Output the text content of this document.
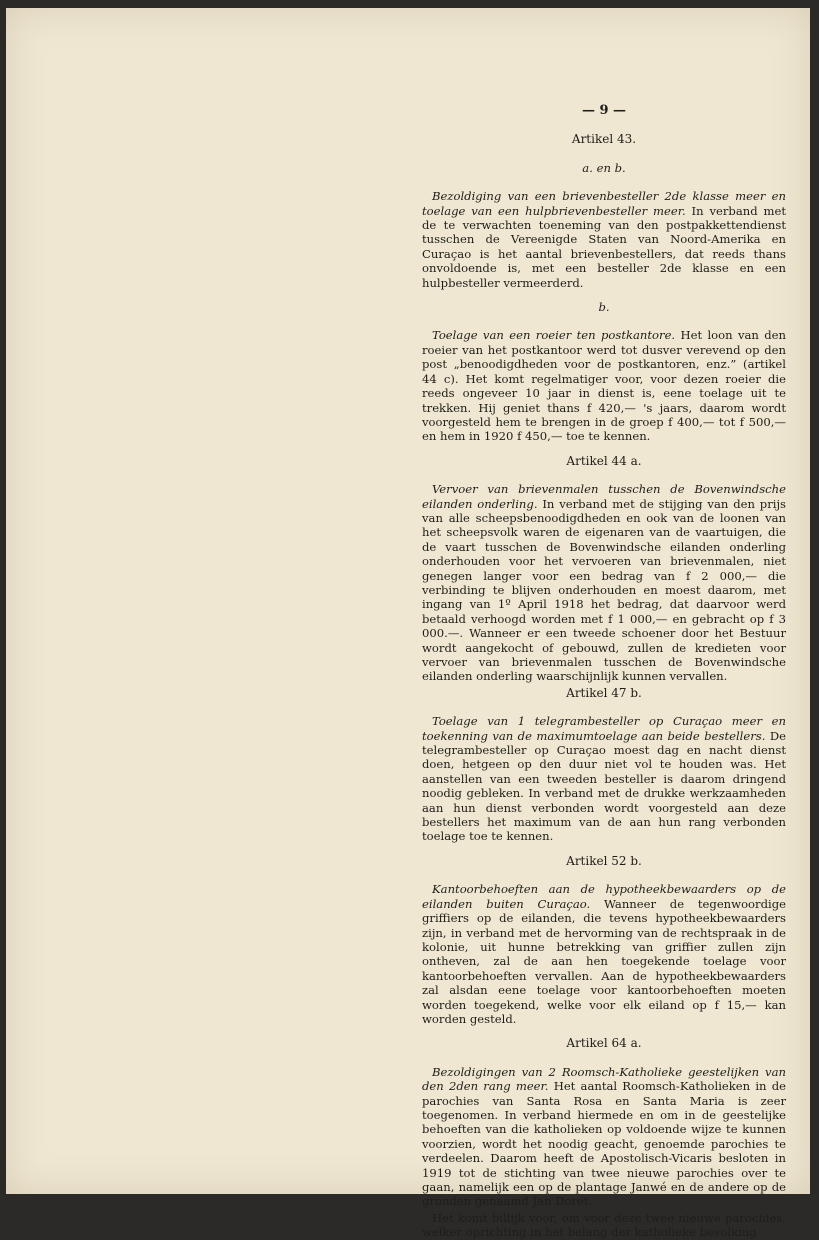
— 9 —
Artikel 43.
a. en b.

Bezoldiging van een brievenbesteller 2de klasse meer en toelage van een hulpbrievenbesteller meer. In verband met de te verwachten toeneming van den postpakkettendienst tusschen de Vereenigde Staten van Noord-Amerika en Curaçao is het aantal brievenbestellers, dat reeds thans onvoldoende is, met een besteller 2de klasse en een hulpbesteller vermeerderd.

b.

Toelage van een roeier ten postkantore. Het loon van den roeier van het postkantoor werd tot dusver verevend op den post „benoodigdheden voor de postkantoren, enz.” (artikel 44 c). Het komt regelmatiger voor, voor dezen roeier die reeds ongeveer 10 jaar in dienst is, eene toelage uit te trekken. Hij geniet thans f 420,— 's jaars, daarom wordt voorgesteld hem te brengen in de groep f 400,— tot f 500,— en hem in 1920 f 450,— toe te kennen.

Artikel 44 a.

Vervoer van brievenmalen tusschen de Bovenwindsche eilanden onderling. In verband met de stijging van den prijs van alle scheepsbenoodigdheden en ook van de loonen van het scheepsvolk waren de eigenaren van de vaartuigen, die de vaart tusschen de Bovenwindsche eilanden onderling onderhouden voor het vervoeren van brievenmalen, niet genegen langer voor een bedrag van f 2 000,— die verbinding te blijven onderhouden en moest daarom, met ingang van 1º April 1918 het bedrag, dat daarvoor werd betaald verhoogd worden met f 1 000,— en gebracht op f 3 000.—. Wanneer er een tweede schoener door het Bestuur wordt aangekocht of gebouwd, zullen de kredieten voor vervoer van brievenmalen tusschen de Bovenwindsche eilanden onderling waarschijnlijk kunnen vervallen.

Artikel 47 b.

Toelage van 1 telegrambesteller op Curaçao meer en toekenning van de maximumtoelage aan beide bestellers. De telegrambesteller op Curaçao moest dag en nacht dienst doen, hetgeen op den duur niet vol te houden was. Het aanstellen van een tweeden besteller is daarom dringend noodig gebleken. In verband met de drukke werkzaamheden aan hun dienst verbonden wordt voorgesteld aan deze bestellers het maximum van de aan hun rang verbonden toelage toe te kennen.

Artikel 52 b.

Kantoorbehoeften aan de hypotheekbewaarders op de eilanden buiten Curaçao. Wanneer de tegenwoordige griffiers op de eilanden, die tevens hypotheekbewaarders zijn, in verband met de hervorming van de rechtspraak in de kolonie, uit hunne betrekking van griffier zullen zijn ontheven, zal de aan hen toegekende toelage voor kantoorbehoeften vervallen. Aan de hypotheekbewaarders zal alsdan eene toelage voor kantoorbehoeften moeten worden toegekend, welke voor elk eiland op f 15,— kan worden gesteld.

Artikel 64 a.

Bezoldigingen van 2 Roomsch-Katholieke geestelijken van den 2den rang meer. Het aantal Roomsch-Katholieken in de parochies van Santa Rosa en Santa Maria is zeer toegenomen. In verband hiermede en om in de geestelijke behoeften van die katholieken op voldoende wijze te kunnen voorzien, wordt het noodig geacht, genoemde parochies te verdeelen. Daarom heeft de Apostolisch-Vicaris besloten in 1919 tot de stichting van twee nieuwe parochies over te gaan, namelijk een op de plantage Janwé en de andere op de gronden genaamd Jan Doret.

Het komt billijk voor, om voor deze twee nieuwe parochies, welker oprichting in het belang der katholieke bevolking
